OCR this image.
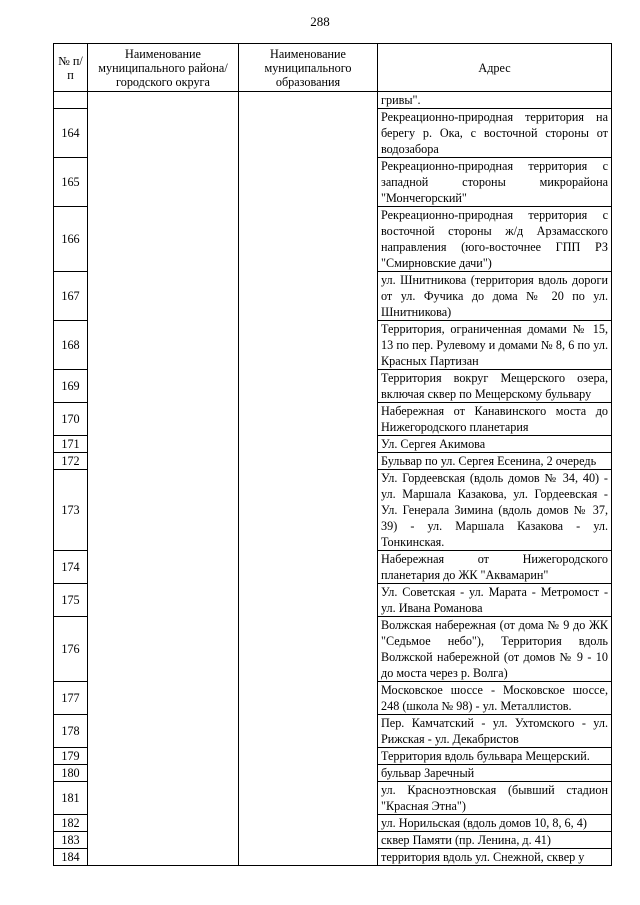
288
№ п/п	Наименование муниципального района/ городского округа	Наименование муниципального образования	Адрес
			гривы".
164			Рекреационно-природная территория на берегу р. Ока, с восточной стороны от водозабора
165			Рекреационно-природная территория с западной стороны микрорайона "Мончегорский"
166			Рекреационно-природная территория с восточной стороны ж/д Арзамасского направления (юго-восточнее ГПП РЗ "Смирновские дачи")
167			ул. Шнитникова (территория вдоль дороги от ул. Фучика до дома № 20 по ул. Шнитникова)
168			Территория, ограниченная домами № 15, 13 по пер. Рулевому и домами № 8, 6 по ул. Красных Партизан
169			Территория вокруг Мещерского озера, включая сквер по Мещерскому бульвару
170			Набережная от Канавинского моста до Нижегородского планетария
171			Ул. Сергея Акимова
172			Бульвар по ул. Сергея Есенина, 2 очередь
173			Ул. Гордеевская (вдоль домов № 34, 40) - ул. Маршала Казакова, ул. Гордеевская - Ул. Генерала Зимина (вдоль домов № 37, 39) - ул. Маршала Казакова - ул. Тонкинская.
174			Набережная от Нижегородского планетария до ЖК "Аквамарин"
175			Ул. Советская - ул. Марата - Метромост - ул. Ивана Романова
176			Волжская набережная (от дома № 9 до ЖК "Седьмое небо"), Территория вдоль Волжской набережной (от домов № 9 - 10 до моста через р. Волга)
177			Московское шоссе - Московское шоссе, 248 (школа № 98) - ул. Металлистов.
178			Пер. Камчатский - ул. Ухтомского - ул. Рижская - ул. Декабристов
179			Территория вдоль бульвара Мещерский.
180			бульвар Заречный
181			ул. Красноэтновская (бывший стадион "Красная Этна")
182			ул. Норильская (вдоль домов 10, 8, 6, 4)
183			сквер Памяти (пр. Ленина, д. 41)
184			территория вдоль ул. Снежной, сквер у
